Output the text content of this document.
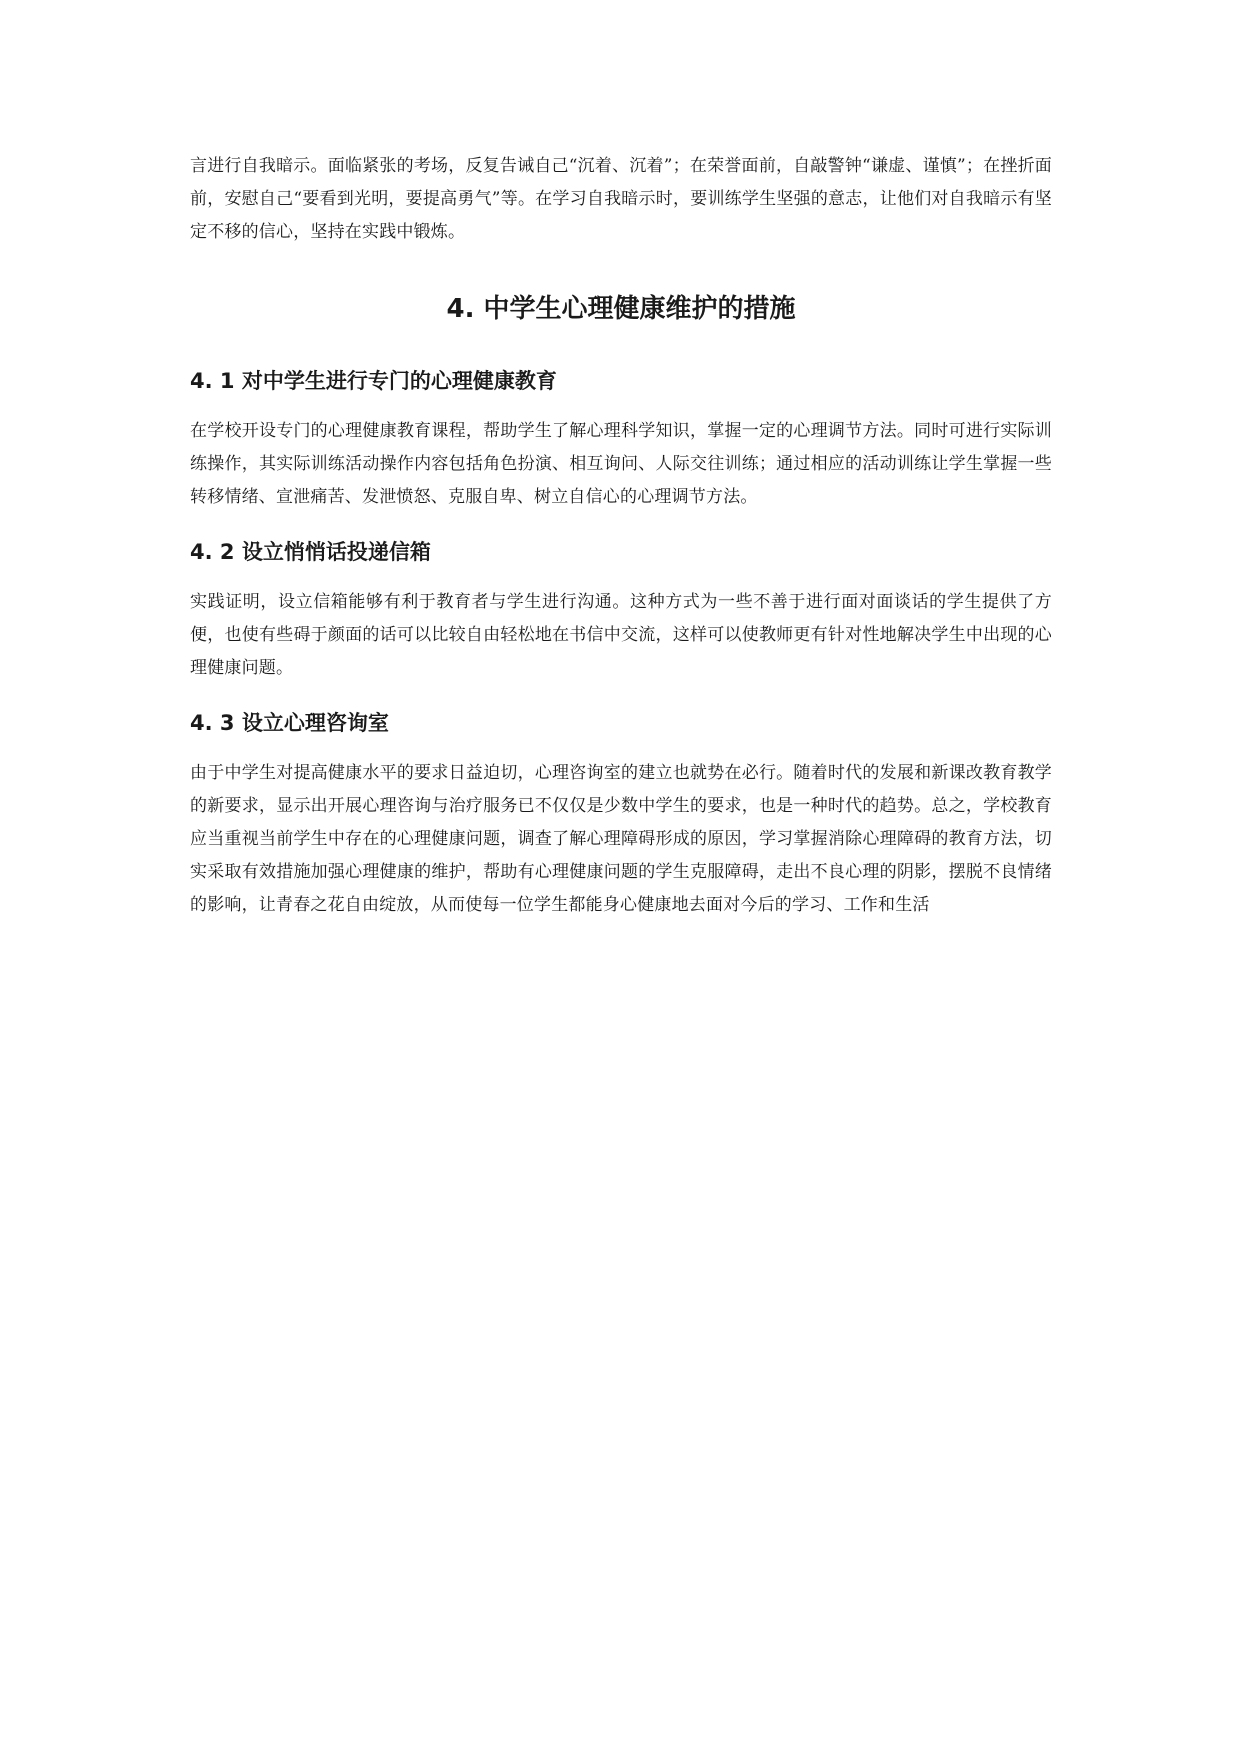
言进行自我暗示。面临紧张的考场，反复告诫自己“沉着、沉着”；在荣誉面前，自敲警钟“谦虚、谨慎”；在挫折面前，安慰自己“要看到光明，要提高勇气”等。在学习自我暗示时，要训练学生坚强的意志，让他们对自我暗示有坚定不移的信心，坚持在实践中锻炼。

4. 中学生心理健康维护的措施
4. 1 对中学生进行专门的心理健康教育

在学校开设专门的心理健康教育课程，帮助学生了解心理科学知识，掌握一定的心理调节方法。同时可进行实际训练操作，其实际训练活动操作内容包括角色扮演、相互询问、人际交往训练；通过相应的活动训练让学生掌握一些转移情绪、宣泄痛苦、发泄愤怒、克服自卑、树立自信心的心理调节方法。

4. 2 设立悄悄话投递信箱

实践证明，设立信箱能够有利于教育者与学生进行沟通。这种方式为一些不善于进行面对面谈话的学生提供了方便，也使有些碍于颜面的话可以比较自由轻松地在书信中交流，这样可以使教师更有针对性地解决学生中出现的心理健康问题。

4. 3 设立心理咨询室

由于中学生对提高健康水平的要求日益迫切，心理咨询室的建立也就势在必行。随着时代的发展和新课改教育教学的新要求，显示出开展心理咨询与治疗服务已不仅仅是少数中学生的要求，也是一种时代的趋势。总之，学校教育应当重视当前学生中存在的心理健康问题，调查了解心理障碍形成的原因，学习掌握消除心理障碍的教育方法，切实采取有效措施加强心理健康的维护，帮助有心理健康问题的学生克服障碍，走出不良心理的阴影，摆脱不良情绪的影响，让青春之花自由绽放，从而使每一位学生都能身心健康地去面对今后的学习、工作和生活
